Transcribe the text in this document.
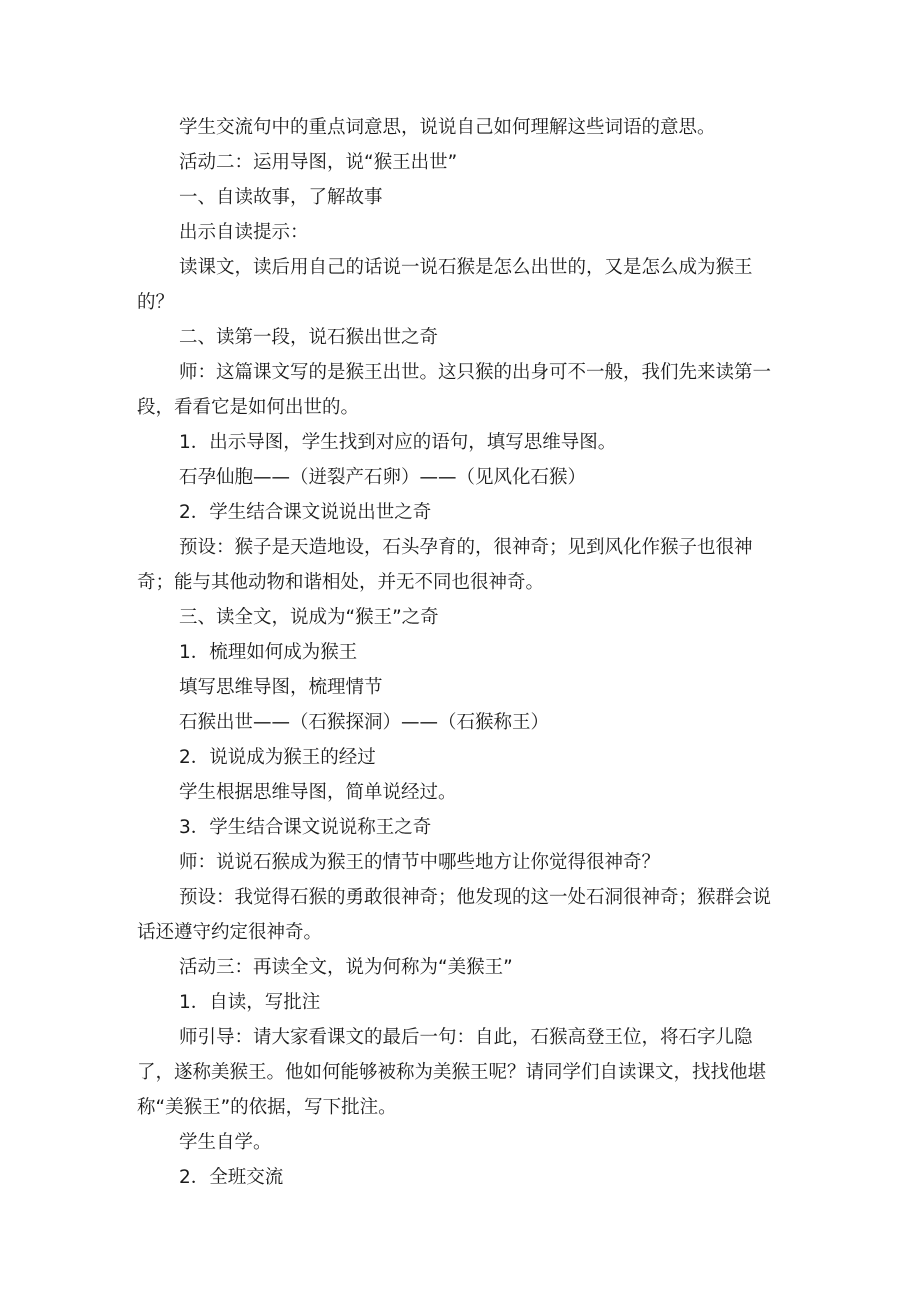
学生交流句中的重点词意思，说说自己如何理解这些词语的意思。

活动二：运用导图，说“猴王出世”

一、自读故事，了解故事

出示自读提示：

读课文，读后用自己的话说一说石猴是怎么出世的，又是怎么成为猴王的？

二、读第一段，说石猴出世之奇

师：这篇课文写的是猴王出世。这只猴的出身可不一般，我们先来读第一段，看看它是如何出世的。

1．出示导图，学生找到对应的语句，填写思维导图。

石孕仙胞——（迸裂产石卵）——（见风化石猴）

2．学生结合课文说说出世之奇

预设：猴子是天造地设，石头孕育的，很神奇；见到风化作猴子也很神奇；能与其他动物和谐相处，并无不同也很神奇。

三、读全文，说成为“猴王”之奇

1．梳理如何成为猴王

填写思维导图，梳理情节

石猴出世——（石猴探洞）——（石猴称王）

2．说说成为猴王的经过

学生根据思维导图，简单说经过。

3．学生结合课文说说称王之奇

师：说说石猴成为猴王的情节中哪些地方让你觉得很神奇？

预设：我觉得石猴的勇敢很神奇；他发现的这一处石洞很神奇；猴群会说话还遵守约定很神奇。

活动三：再读全文，说为何称为“美猴王”

1．自读，写批注

师引导：请大家看课文的最后一句：自此，石猴高登王位，将石字儿隐了，遂称美猴王。他如何能够被称为美猴王呢？请同学们自读课文，找找他堪称“美猴王”的依据，写下批注。

学生自学。

2．全班交流
